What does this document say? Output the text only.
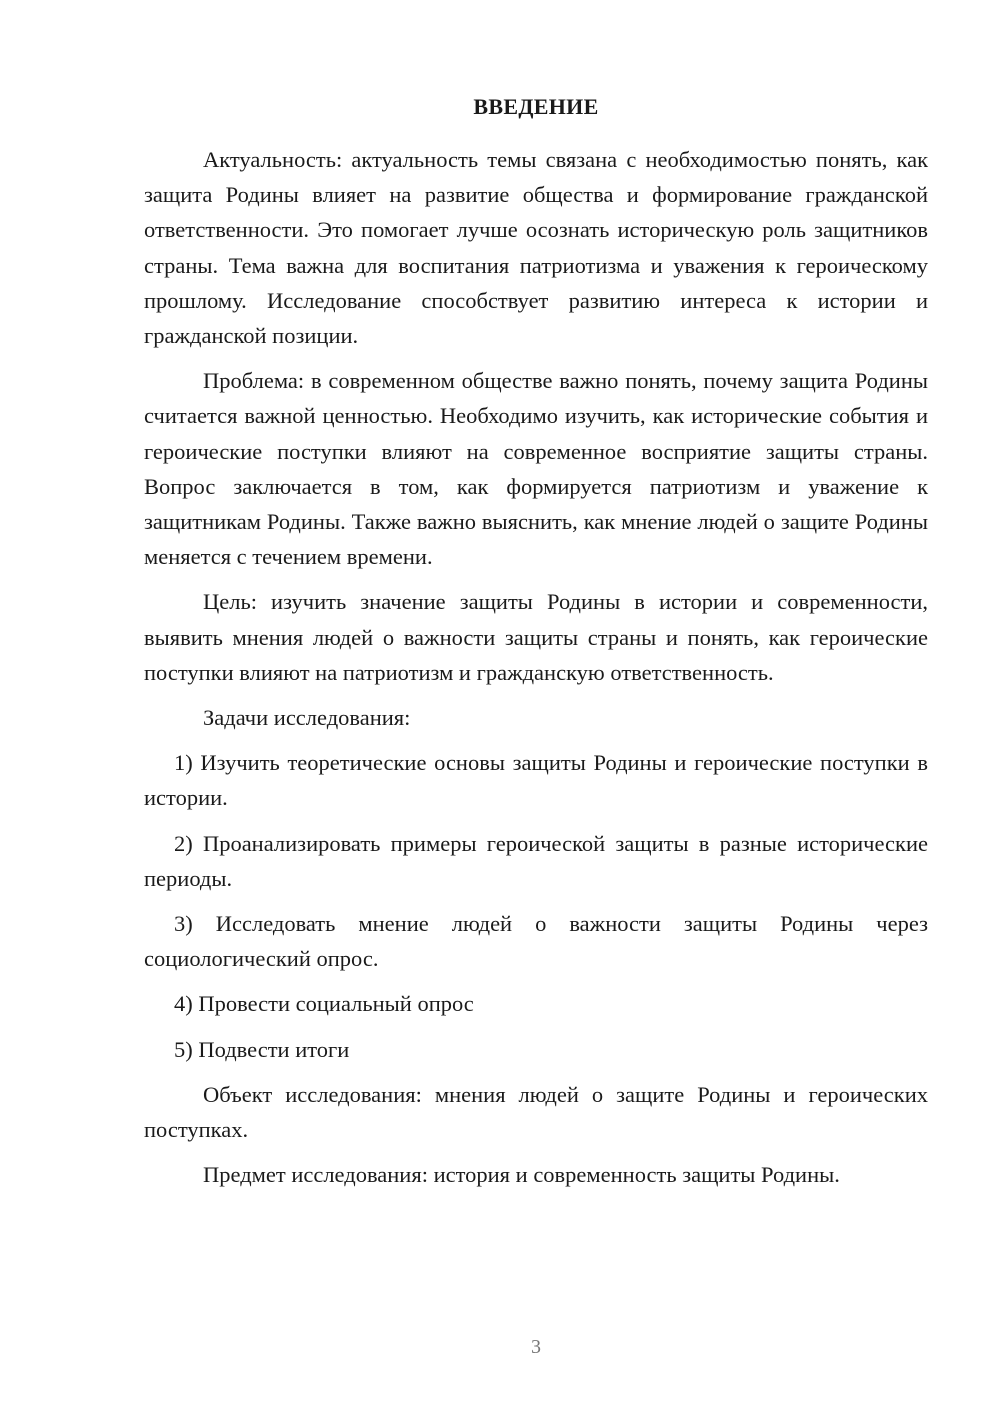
ВВЕДЕНИЕ

Актуальность: актуальность темы связана с необходимостью понять, как защита Родины влияет на развитие общества и формирование гражданской ответственности. Это помогает лучше осознать историческую роль защитников страны. Тема важна для воспитания патриотизма и уважения к героическому прошлому. Исследование способствует развитию интереса к истории и гражданской позиции.

Проблема: в современном обществе важно понять, почему защита Родины считается важной ценностью. Необходимо изучить, как исторические события и героические поступки влияют на современное восприятие защиты страны. Вопрос заключается в том, как формируется патриотизм и уважение к защитникам Родины. Также важно выяснить, как мнение людей о защите Родины меняется с течением времени.

Цель: изучить значение защиты Родины в истории и современности, выявить мнения людей о важности защиты страны и понять, как героические поступки влияют на патриотизм и гражданскую ответственность.

Задачи исследования:

1) Изучить теоретические основы защиты Родины и героические поступки в истории.

2) Проанализировать примеры героической защиты в разные исторические периоды.

3) Исследовать мнение людей о важности защиты Родины через социологический опрос.

4) Провести социальный опрос

5) Подвести итоги

Объект исследования: мнения людей о защите Родины и героических поступках.

Предмет исследования: история и современность защиты Родины.

3
